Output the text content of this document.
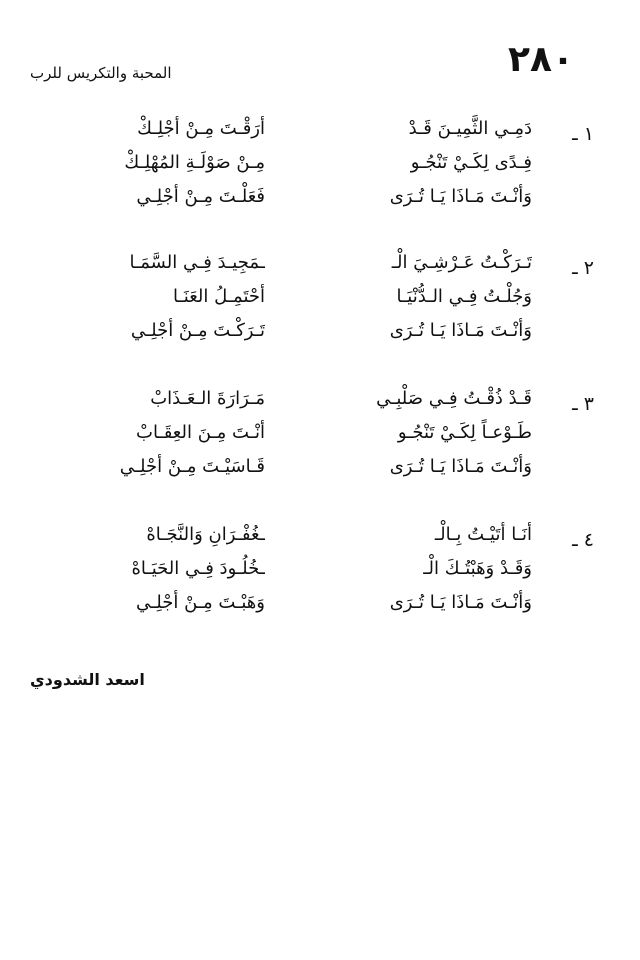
٢٨٠
المحبة والتكريس للرب
١ ـ
دَمِـي الثَّمِيـنَ قَـدْ
أرَقْـتَ مِـنْ أجْلِـكْ
فِـدًى لِكَـيْ تَنْجُـو
مِـنْ صَوْلَـةِ المُهْلِـكْ
وَأنْـتَ مَـاذَا يَـا تُـرَى
فَعَلْـتَ مِـنْ أجْلِـي
٢ ـ
تَـرَكْـتُ عَـرْشِـيَ الْـ
ـمَجِيـدَ فِـي السَّمَـا
وَجُلْـتُ فِـي الـدُّنْيَـا
أحْتَمِـلُ العَنَـا
وَأنْـتَ مَـاذَا يَـا تُـرَى
تَـرَكْـتَ مِـنْ أجْلِـي
٣ ـ
قَـدْ ذُقْـتُ فِـي صَلْبِـي
مَـرَارَةَ الـعَـذَابْ
طَـوْعـاً لِكَـيْ تَنْجُـو
أنْـتَ مِـنَ العِقَـابْ
وَأنْـتَ مَـاذَا يَـا تُـرَى
قَـاسَيْـتَ مِـنْ أجْلِـي
٤ ـ
أنَـا أتَيْـتُ بِـالْـ
ـغُفْـرَانِ وَالنَّجَـاهْ
وَقَـدْ وَهَبْتُـكَ الْـ
ـخُلُـودَ فِـي الحَيَـاهْ
وَأنْـتَ مَـاذَا يَـا تُـرَى
وَهَبْـتَ مِـنْ أجْلِـي
اسعد الشدودي
